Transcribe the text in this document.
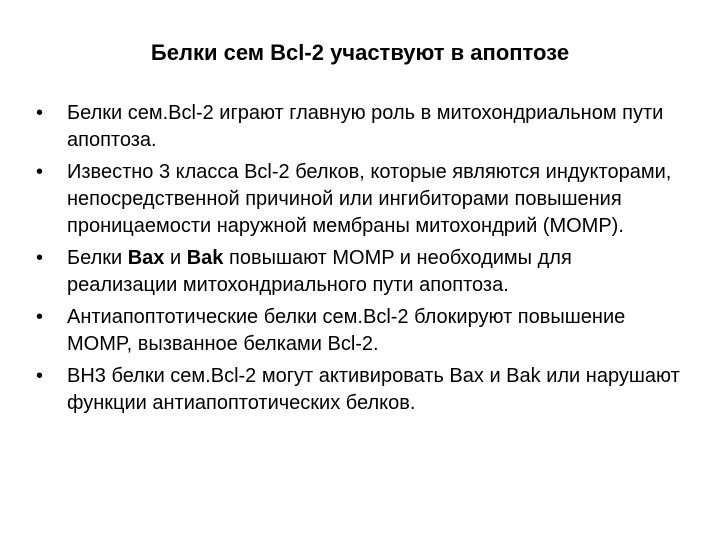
Белки сем Bcl-2 участвуют в апоптозе
•	Белки сем.Bcl-2 играют главную роль в митохондриальном пути апоптоза.
•	Известно 3 класса Bcl-2 белков, которые являются индукторами, непосредственной причиной или ингибиторами повышения проницаемости наружной мембраны митохондрий (MOMP).
•	Белки Bax и Bak повышают MOMP и необходимы для реализации митохондриального пути апоптоза.
•	Антиапоптотические белки сем.Bcl-2 блокируют повышение MOMP, вызванное белками Bcl-2.
•	BH3 белки сем.Bcl-2 могут активировать Bax и Bak или нарушают функции антиапоптотических белков.
